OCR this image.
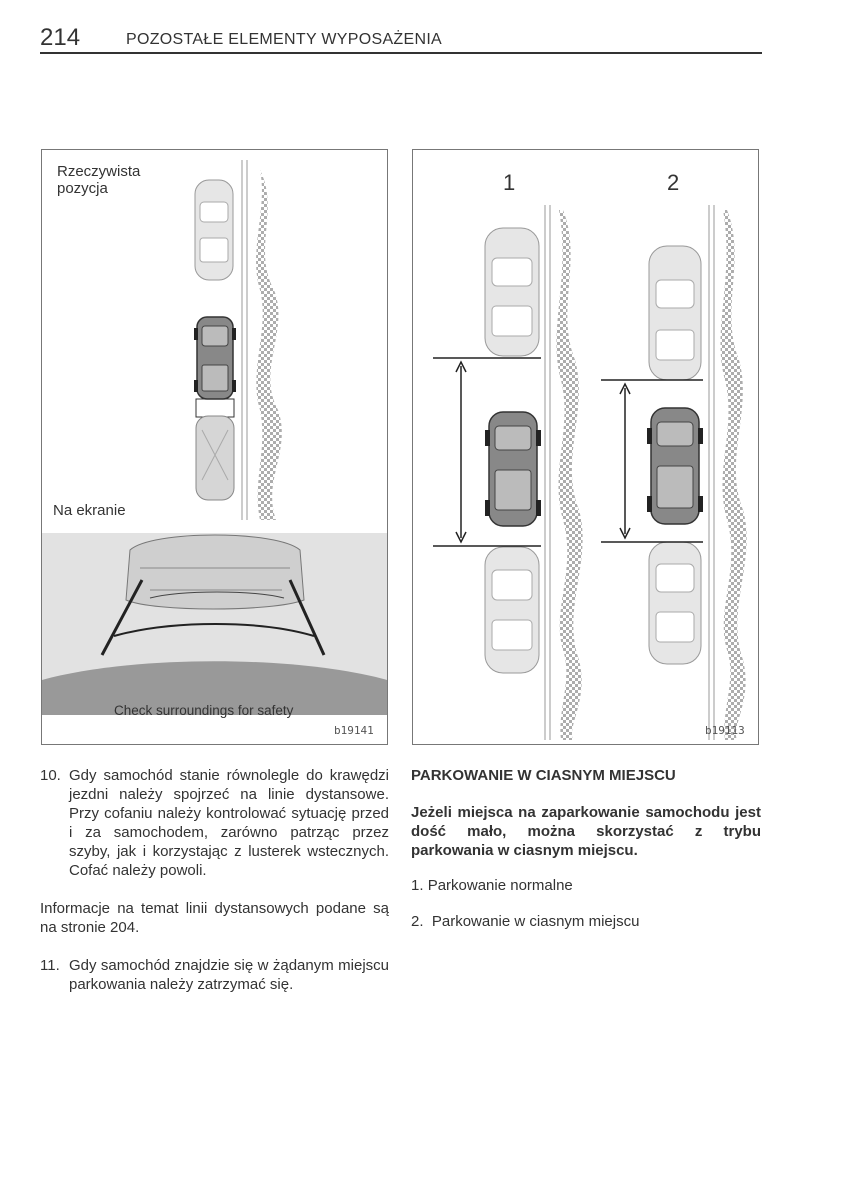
214	POZOSTAŁE ELEMENTY WYPOSAŻENIA
Rzeczywista
pozycja
Na ekranie
Check surroundings for safety
b19141
1	2
b19113
10. Gdy samochód stanie równolegle do krawędzi jezdni należy spojrzeć na linie dystansowe. Przy cofaniu należy kontrolować sytuację przed i za samochodem, zarówno patrząc przez szyby, jak i korzystając z lusterek wstecznych. Cofać należy powoli.
Informacje na temat linii dystansowych podane są na stronie 204.
11. Gdy samochód znajdzie się w żądanym miejscu parkowania należy zatrzymać się.
PARKOWANIE W CIASNYM MIEJSCU
Jeżeli miejsca na zaparkowanie samochodu jest dość mało, można skorzystać z trybu parkowania w ciasnym miejscu.
1. Parkowanie normalne
2. Parkowanie w ciasnym miejscu
